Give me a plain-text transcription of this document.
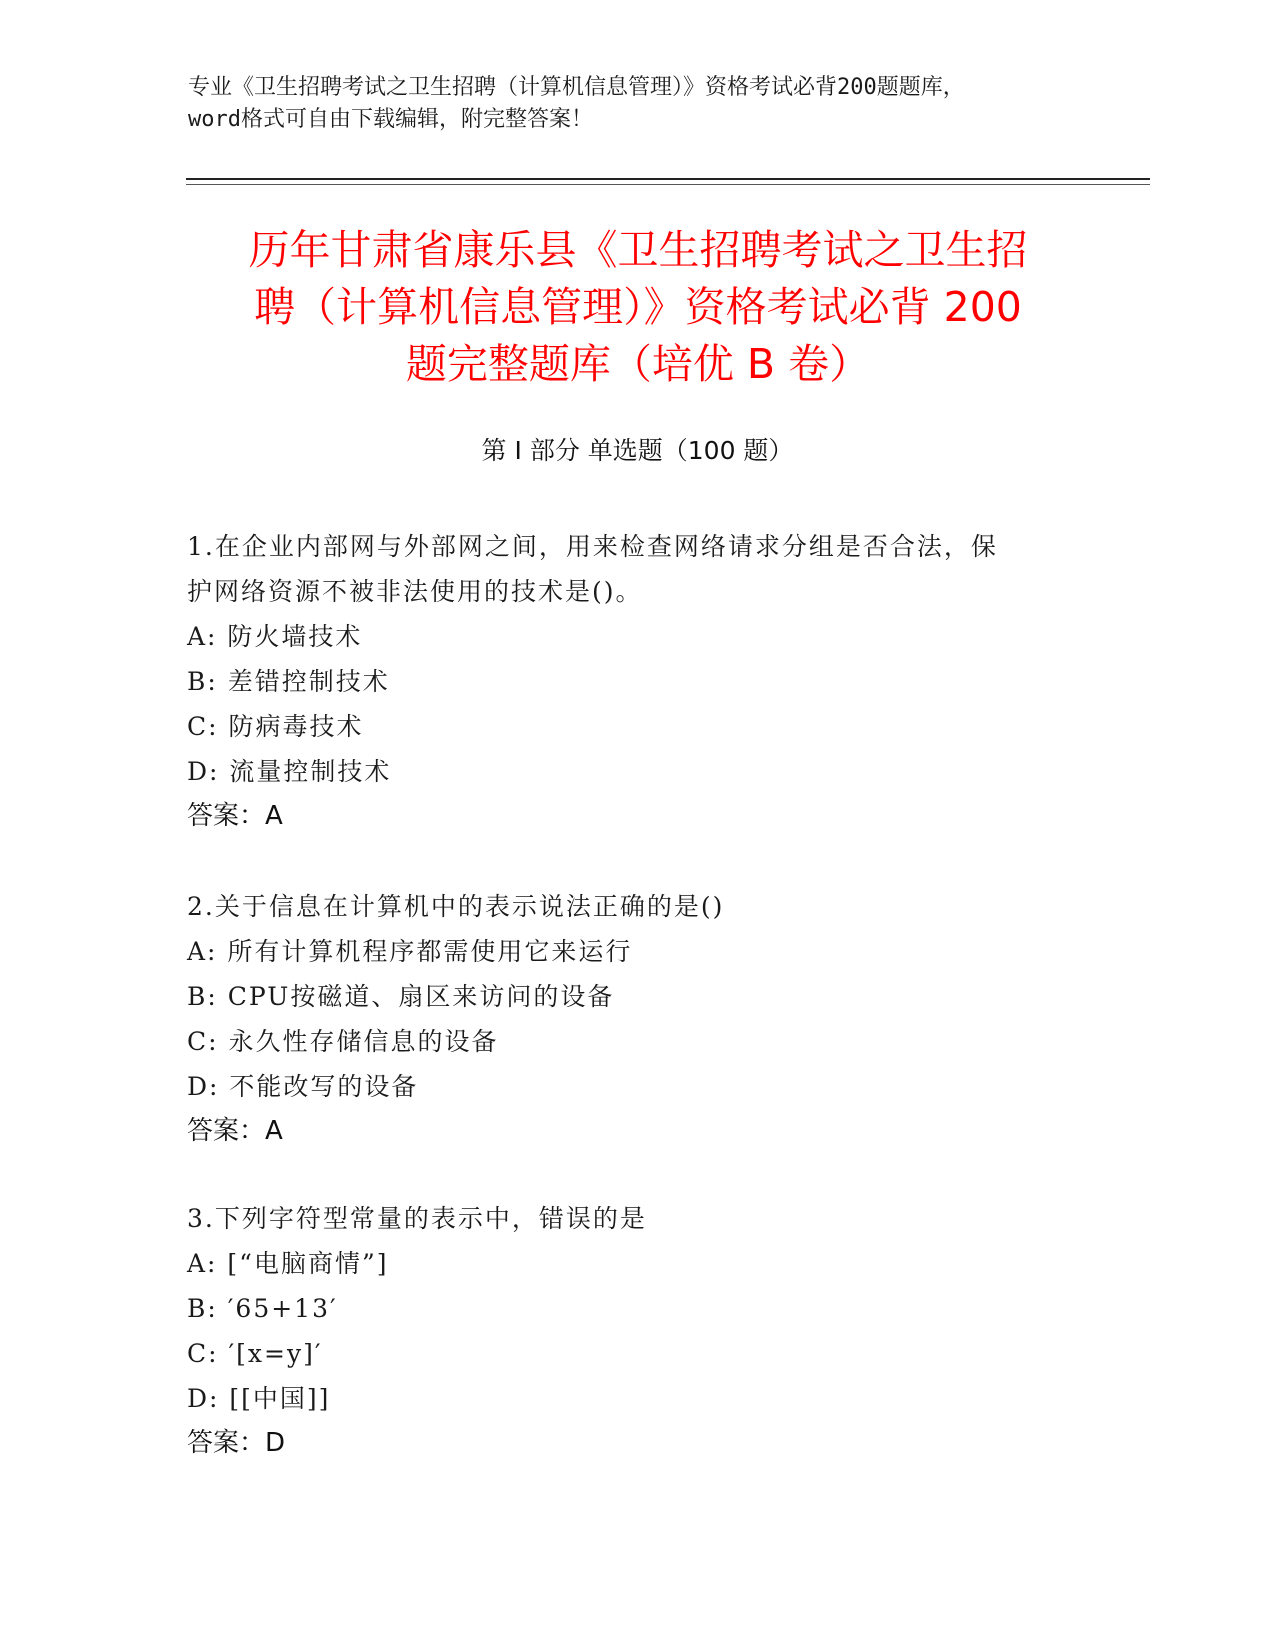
专业《卫生招聘考试之卫生招聘（计算机信息管理）》资格考试必背200题题库，
word格式可自由下载编辑，附完整答案！
历年甘肃省康乐县《卫生招聘考试之卫生招
聘（计算机信息管理）》资格考试必背 200
题完整题库（培优 B 卷）
第 I 部分 单选题（100 题）
1.在企业内部网与外部网之间，用来检查网络请求分组是否合法，保
护网络资源不被非法使用的技术是()。
A: 防火墙技术
B: 差错控制技术
C: 防病毒技术
D: 流量控制技术
答案：A
2.关于信息在计算机中的表示说法正确的是()
A: 所有计算机程序都需使用它来运行
B: CPU按磁道、扇区来访问的设备
C: 永久性存储信息的设备
D: 不能改写的设备
答案：A
3.下列字符型常量的表示中，错误的是
A: [“电脑商情”]
B: ′65+13′
C: ′[x=y]′
D: [[中国]]
答案：D
